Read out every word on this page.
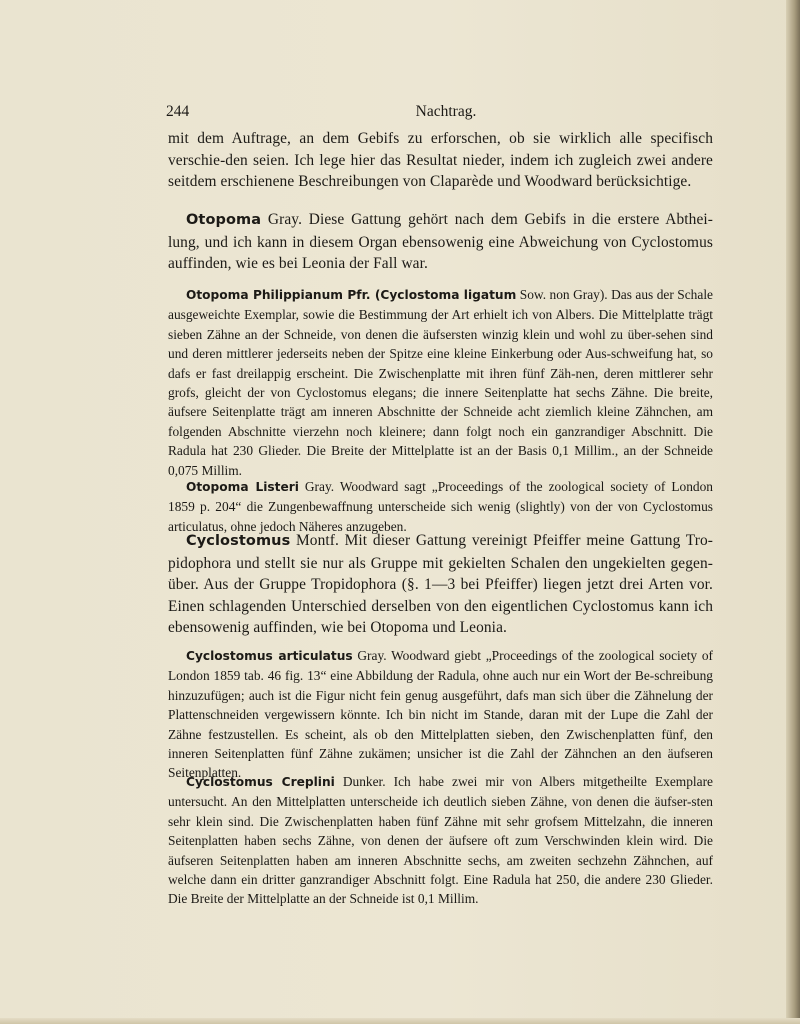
244	Nachtrag.

mit dem Auftrage, an dem Gebifs zu erforschen, ob sie wirklich alle specifisch verschie-den seien. Ich lege hier das Resultat nieder, indem ich zugleich zwei andere seitdem erschienene Beschreibungen von Claparède und Woodward berücksichtige.

Otopoma Gray. Diese Gattung gehört nach dem Gebifs in die erstere Abthei-lung, und ich kann in diesem Organ ebensowenig eine Abweichung von Cyclostomus auffinden, wie es bei Leonia der Fall war.

Otopoma Philippianum Pfr. (Cyclostoma ligatum Sow. non Gray). Das aus der Schale ausgeweichte Exemplar, sowie die Bestimmung der Art erhielt ich von Albers. Die Mittelplatte trägt sieben Zähne an der Schneide, von denen die äufsersten winzig klein und wohl zu über-sehen sind und deren mittlerer jederseits neben der Spitze eine kleine Einkerbung oder Aus-schweifung hat, so dafs er fast dreilappig erscheint. Die Zwischenplatte mit ihren fünf Zäh-nen, deren mittlerer sehr grofs, gleicht der von Cyclostomus elegans; die innere Seitenplatte hat sechs Zähne. Die breite, äufsere Seitenplatte trägt am inneren Abschnitte der Schneide acht ziemlich kleine Zähnchen, am folgenden Abschnitte vierzehn noch kleinere; dann folgt noch ein ganzrandiger Abschnitt. Die Radula hat 230 Glieder. Die Breite der Mittelplatte ist an der Basis 0,1 Millim., an der Schneide 0,075 Millim.

Otopoma Listeri Gray. Woodward sagt „Proceedings of the zoological society of London 1859 p. 204“ die Zungenbewaffnung unterscheide sich wenig (slightly) von der von Cyclostomus articulatus, ohne jedoch Näheres anzugeben.

Cyclostomus Montf. Mit dieser Gattung vereinigt Pfeiffer meine Gattung Tro-pidophora und stellt sie nur als Gruppe mit gekielten Schalen den ungekielten gegen-über. Aus der Gruppe Tropidophora (§. 1—3 bei Pfeiffer) liegen jetzt drei Arten vor. Einen schlagenden Unterschied derselben von den eigentlichen Cyclostomus kann ich ebensowenig auffinden, wie bei Otopoma und Leonia.

Cyclostomus articulatus Gray. Woodward giebt „Proceedings of the zoological society of London 1859 tab. 46 fig. 13“ eine Abbildung der Radula, ohne auch nur ein Wort der Be-schreibung hinzuzufügen; auch ist die Figur nicht fein genug ausgeführt, dafs man sich über die Zähnelung der Plattenschneiden vergewissern könnte. Ich bin nicht im Stande, daran mit der Lupe die Zahl der Zähne festzustellen. Es scheint, als ob den Mittelplatten sieben, den Zwischenplatten fünf, den inneren Seitenplatten fünf Zähne zukämen; unsicher ist die Zahl der Zähnchen an den äufseren Seitenplatten.

Cyclostomus Creplini Dunker. Ich habe zwei mir von Albers mitgetheilte Exemplare untersucht. An den Mittelplatten unterscheide ich deutlich sieben Zähne, von denen die äufser-sten sehr klein sind. Die Zwischenplatten haben fünf Zähne mit sehr grofsem Mittelzahn, die inneren Seitenplatten haben sechs Zähne, von denen der äufsere oft zum Verschwinden klein wird. Die äufseren Seitenplatten haben am inneren Abschnitte sechs, am zweiten sechzehn Zähnchen, auf welche dann ein dritter ganzrandiger Abschnitt folgt. Eine Radula hat 250, die andere 230 Glieder. Die Breite der Mittelplatte an der Schneide ist 0,1 Millim.
